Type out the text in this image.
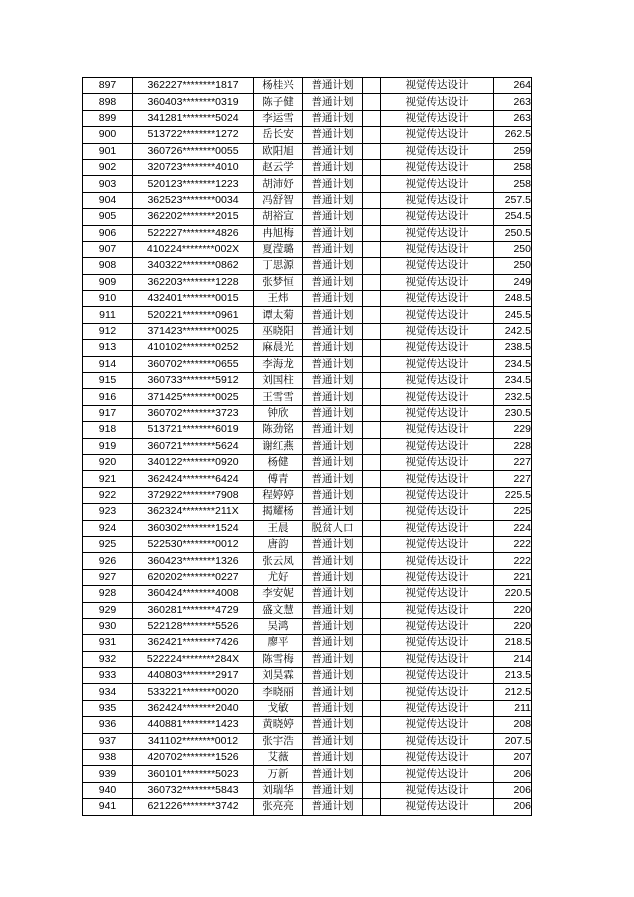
897	362227********1817	杨桂兴	普通计划		视觉传达设计	264
898	360403********0319	陈子健	普通计划		视觉传达设计	263
899	341281********5024	李运雪	普通计划		视觉传达设计	263
900	513722********1272	岳长安	普通计划		视觉传达设计	262.5
901	360726********0055	欧阳旭	普通计划		视觉传达设计	259
902	320723********4010	赵云学	普通计划		视觉传达设计	258
903	520123********1223	胡沛妤	普通计划		视觉传达设计	258
904	362523********0034	冯舒智	普通计划		视觉传达设计	257.5
905	362202********2015	胡裕宣	普通计划		视觉传达设计	254.5
906	522227********4826	冉旭梅	普通计划		视觉传达设计	250.5
907	410224********002X	夏滢璐	普通计划		视觉传达设计	250
908	340322********0862	丁思源	普通计划		视觉传达设计	250
909	362203********1228	张梦恒	普通计划		视觉传达设计	249
910	432401********0015	王炜	普通计划		视觉传达设计	248.5
911	520221********0961	谭太菊	普通计划		视觉传达设计	245.5
912	371423********0025	巫晓阳	普通计划		视觉传达设计	242.5
913	410102********0252	麻晨光	普通计划		视觉传达设计	238.5
914	360702********0655	李海龙	普通计划		视觉传达设计	234.5
915	360733********5912	刘国柱	普通计划		视觉传达设计	234.5
916	371425********0025	王雪雪	普通计划		视觉传达设计	232.5
917	360702********3723	钟欣	普通计划		视觉传达设计	230.5
918	513721********6019	陈劲铭	普通计划		视觉传达设计	229
919	360721********5624	谢红燕	普通计划		视觉传达设计	228
920	340122********0920	杨健	普通计划		视觉传达设计	227
921	362424********6424	傅青	普通计划		视觉传达设计	227
922	372922********7908	程婷婷	普通计划		视觉传达设计	225.5
923	362324********211X	揭耀杨	普通计划		视觉传达设计	225
924	360302********1524	王晨	脱贫人口		视觉传达设计	224
925	522530********0012	唐韵	普通计划		视觉传达设计	222
926	360423********1326	张云凤	普通计划		视觉传达设计	222
927	620202********0227	尤好	普通计划		视觉传达设计	221
928	360424********4008	李安妮	普通计划		视觉传达设计	220.5
929	360281********4729	盛文慧	普通计划		视觉传达设计	220
930	522128********5526	吴鸿	普通计划		视觉传达设计	220
931	362421********7426	廖平	普通计划		视觉传达设计	218.5
932	522224********284X	陈雪梅	普通计划		视觉传达设计	214
933	440803********2917	刘昊霖	普通计划		视觉传达设计	213.5
934	533221********0020	李晓丽	普通计划		视觉传达设计	212.5
935	362424********2040	戈敏	普通计划		视觉传达设计	211
936	440881********1423	黄晓婷	普通计划		视觉传达设计	208
937	341102********0012	张宇浩	普通计划		视觉传达设计	207.5
938	420702********1526	艾薇	普通计划		视觉传达设计	207
939	360101********5023	万新	普通计划		视觉传达设计	206
940	360732********5843	刘瑞华	普通计划		视觉传达设计	206
941	621226********3742	张亮亮	普通计划		视觉传达设计	206
